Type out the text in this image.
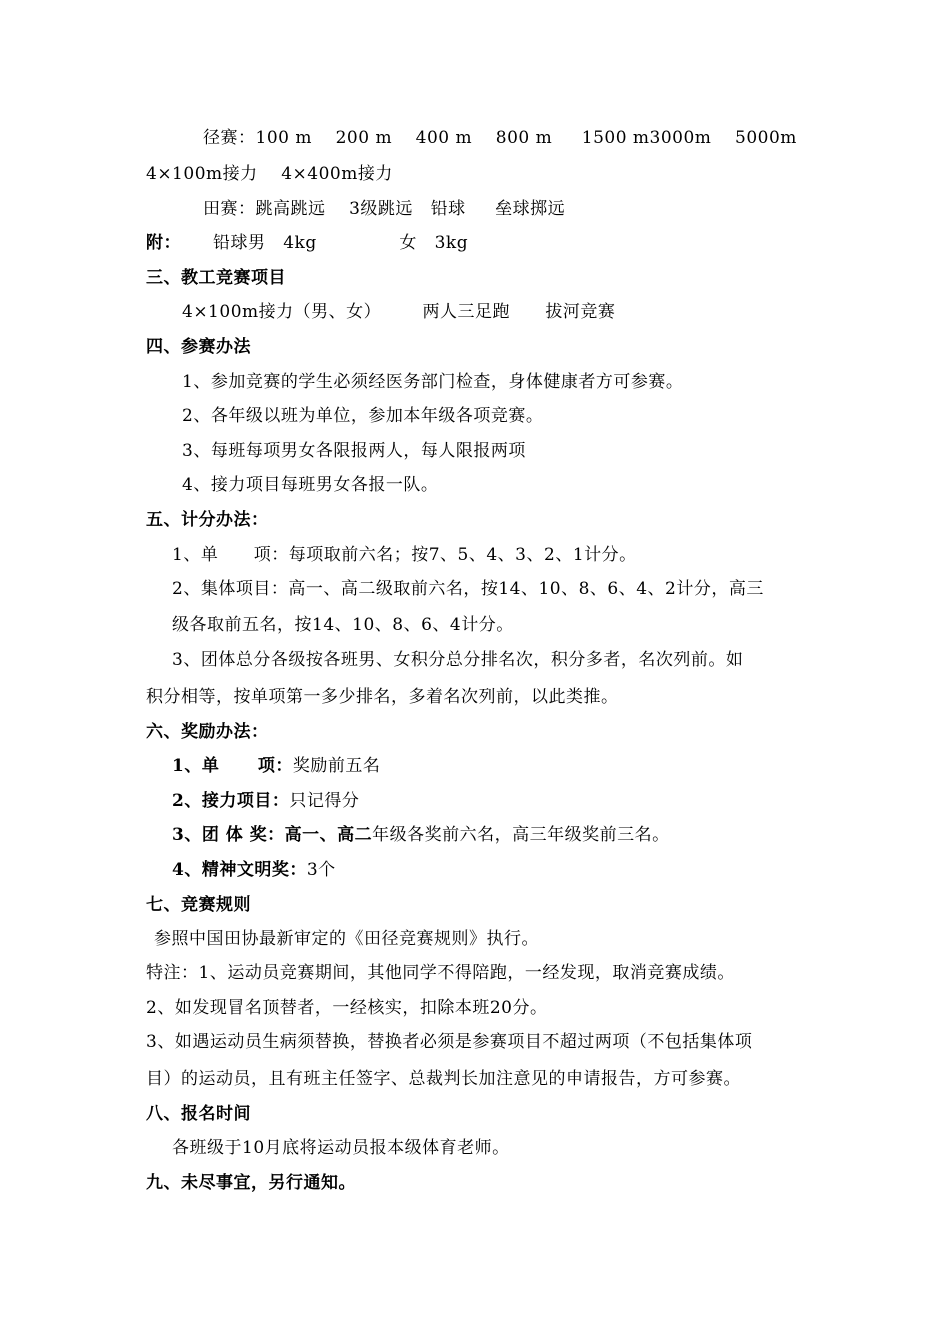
径赛：100 m    200 m    400 m    800 m     1500 m3000m    5000m
4×100m接力    4×400m接力
田赛：跳高跳远    3级跳远   铅球     垒球掷远
附： 铅球男   4kg              女   3kg
三、教工竞赛项目
4×100m接力（男、女）       两人三足跑      拔河竞赛
四、参赛办法
1、参加竞赛的学生必须经医务部门检查，身体健康者方可参赛。
2、各年级以班为单位，参加本年级各项竞赛。
3、每班每项男女各限报两人，每人限报两项
4、接力项目每班男女各报一队。
五、计分办法：
1、单      项：每项取前六名；按7、5、4、3、2、1计分。
2、集体项目：高一、高二级取前六名，按14、10、8、6、4、2计分，高三
级各取前五名，按14、10、8、6、4计分。
3、团体总分各级按各班男、女积分总分排名次，积分多者，名次列前。如
积分相等，按单项第一多少排名，多着名次列前，以此类推。
六、奖励办法：
1、单      项：奖励前五名
2、接力项目：只记得分
3、团 体 奖：高一、高二年级各奖前六名，高三年级奖前三名。
4、精神文明奖：3个
七、竞赛规则
参照中国田协最新审定的《田径竞赛规则》执行。
特注：1、运动员竞赛期间，其他同学不得陪跑，一经发现，取消竞赛成绩。
2、如发现冒名顶替者，一经核实，扣除本班20分。
3、如遇运动员生病须替换，替换者必须是参赛项目不超过两项（不包括集体项
目）的运动员，且有班主任签字、总裁判长加注意见的申请报告，方可参赛。
八、报名时间
各班级于10月底将运动员报本级体育老师。
九、未尽事宜，另行通知。
